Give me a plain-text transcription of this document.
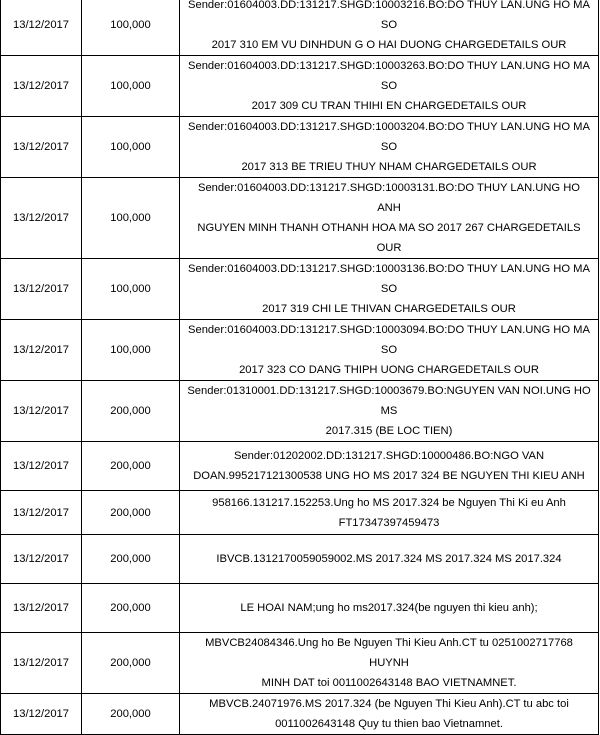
13/12/2017	100,000	Sender:01604003.DD:131217.SHGD:10003216.BO:DO THUY LAN.UNG HO MA SO
2017 310 EM VU DINHDUN G O HAI DUONG CHARGEDETAILS OUR

13/12/2017	100,000	Sender:01604003.DD:131217.SHGD:10003263.BO:DO THUY LAN.UNG HO MA SO
2017 309 CU TRAN THIHI EN CHARGEDETAILS OUR

13/12/2017	100,000	Sender:01604003.DD:131217.SHGD:10003204.BO:DO THUY LAN.UNG HO MA SO
2017 313 BE TRIEU THUY NHAM CHARGEDETAILS OUR

13/12/2017	100,000	Sender:01604003.DD:131217.SHGD:10003131.BO:DO THUY LAN.UNG HO ANH
NGUYEN MINH THANH OTHANH HOA MA SO 2017 267 CHARGEDETAILS OUR

13/12/2017	100,000	Sender:01604003.DD:131217.SHGD:10003136.BO:DO THUY LAN.UNG HO MA SO
2017 319 CHI LE THIVAN CHARGEDETAILS OUR

13/12/2017	100,000	Sender:01604003.DD:131217.SHGD:10003094.BO:DO THUY LAN.UNG HO MA SO
2017 323 CO DANG THIPH UONG CHARGEDETAILS OUR

13/12/2017	200,000	Sender:01310001.DD:131217.SHGD:10003679.BO:NGUYEN VAN NOI.UNG HO MS
2017.315 (BE LOC TIEN)

13/12/2017	200,000	Sender:01202002.DD:131217.SHGD:10000486.BO:NGO VAN
DOAN.995217121300538 UNG HO MS 2017 324 BE NGUYEN THI KIEU ANH

13/12/2017	200,000	958166.131217.152253.Ung ho MS 2017.324 be Nguyen Thi Ki eu Anh
FT17347397459473

13/12/2017	200,000	IBVCB.1312170059059002.MS 2017.324 MS 2017.324 MS 2017.324

13/12/2017	200,000	LE HOAI NAM;ung ho ms2017.324(be nguyen thi kieu anh);

13/12/2017	200,000	MBVCB24084346.Ung ho Be Nguyen Thi Kieu Anh.CT tu 0251002717768 HUYNH
MINH DAT toi 0011002643148 BAO VIETNAMNET.

13/12/2017	200,000	MBVCB.24071976.MS 2017.324 (be Nguyen Thi Kieu Anh).CT tu abc toi
0011002643148 Quy tu thien bao Vietnamnet.
